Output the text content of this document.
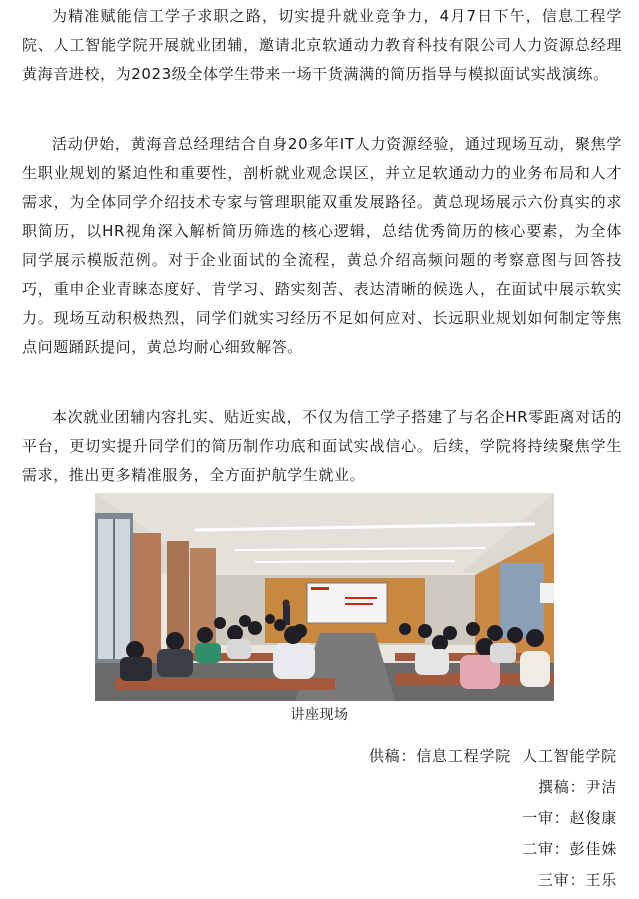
为精准赋能信工学子求职之路，切实提升就业竞争力，4月7日下午，信息工程学院、人工智能学院开展就业团辅，邀请北京软通动力教育科技有限公司人力资源总经理黄海音进校，为2023级全体学生带来一场干货满满的简历指导与模拟面试实战演练。

活动伊始，黄海音总经理结合自身20多年IT人力资源经验，通过现场互动，聚焦学生职业规划的紧迫性和重要性，剖析就业观念误区，并立足软通动力的业务布局和人才需求，为全体同学介绍技术专家与管理职能双重发展路径。黄总现场展示六份真实的求职简历，以HR视角深入解析简历筛选的核心逻辑，总结优秀简历的核心要素，为全体同学展示模版范例。对于企业面试的全流程，黄总介绍高频问题的考察意图与回答技巧，重申企业青睐态度好、肯学习、踏实刻苦、表达清晰的候选人，在面试中展示软实力。现场互动积极热烈，同学们就实习经历不足如何应对、长远职业规划如何制定等焦点问题踊跃提问，黄总均耐心细致解答。

本次就业团辅内容扎实、贴近实战，不仅为信工学子搭建了与名企HR零距离对话的平台，更切实提升同学们的简历制作功底和面试实战信心。后续，学院将持续聚焦学生需求，推出更多精准服务，全方面护航学生就业。

讲座现场
供稿：信息工程学院  人工智能学院
撰稿：尹洁
一审：赵俊康
二审：彭佳姝
三审：王乐
